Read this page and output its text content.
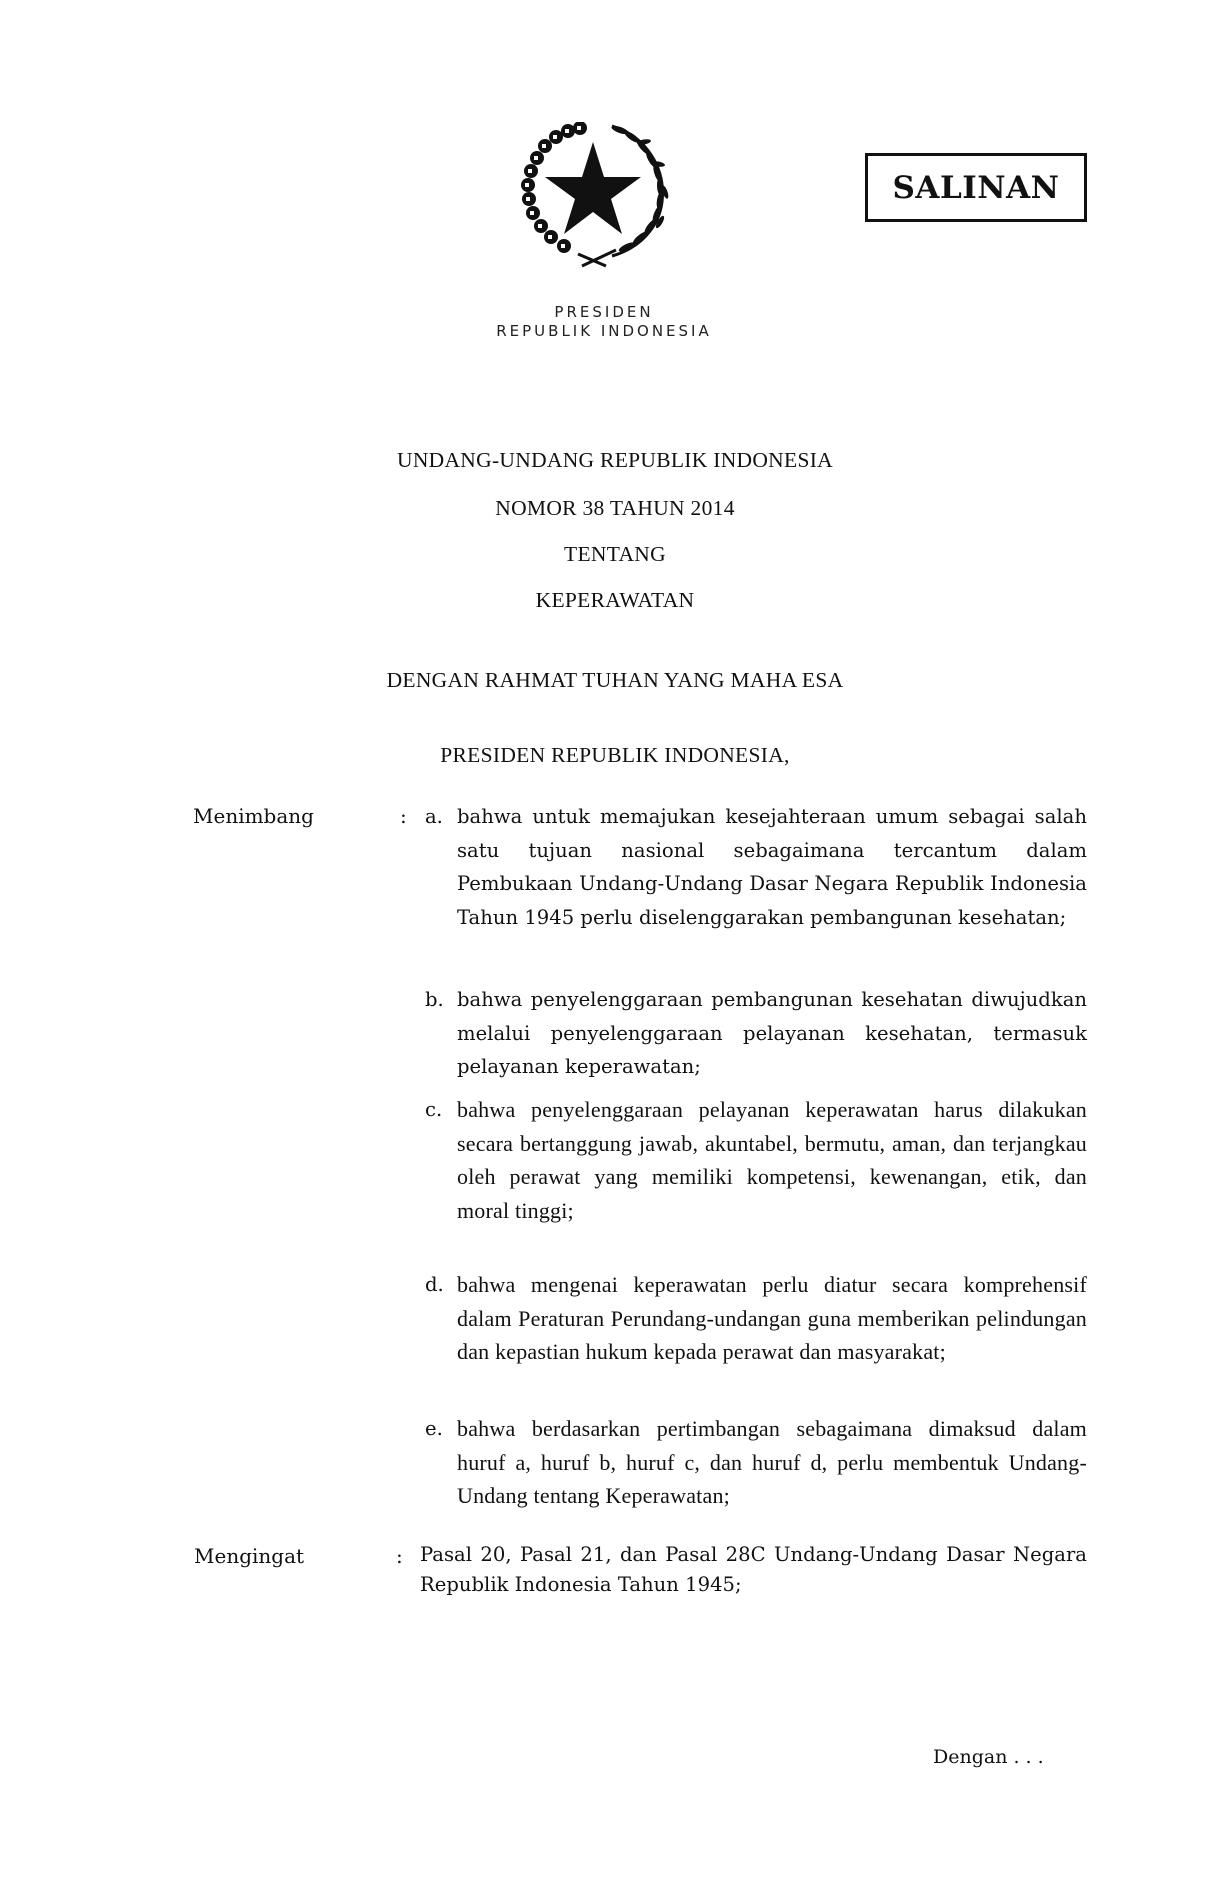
SALINAN
PRESIDEN
REPUBLIK INDONESIA
UNDANG-UNDANG REPUBLIK INDONESIA
NOMOR 38 TAHUN 2014
TENTANG
KEPERAWATAN
DENGAN RAHMAT TUHAN YANG MAHA ESA
PRESIDEN REPUBLIK INDONESIA,
Menimbang	: a. bahwa untuk memajukan kesejahteraan umum sebagai salah satu tujuan nasional sebagaimana tercantum dalam Pembukaan Undang-Undang Dasar Negara Republik Indonesia Tahun 1945 perlu diselenggarakan pembangunan kesehatan;
b. bahwa penyelenggaraan pembangunan kesehatan diwujudkan melalui penyelenggaraan pelayanan kesehatan, termasuk pelayanan keperawatan;
c. bahwa penyelenggaraan pelayanan keperawatan harus dilakukan secara bertanggung jawab, akuntabel, bermutu, aman, dan terjangkau oleh perawat yang memiliki kompetensi, kewenangan, etik, dan moral tinggi;
d. bahwa mengenai keperawatan perlu diatur secara komprehensif dalam Peraturan Perundang-undangan guna memberikan pelindungan dan kepastian hukum kepada perawat dan masyarakat;
e. bahwa berdasarkan pertimbangan sebagaimana dimaksud dalam huruf a, huruf b, huruf c, dan huruf d, perlu membentuk Undang-Undang tentang Keperawatan;
Mengingat	: Pasal 20, Pasal 21, dan Pasal 28C Undang-Undang Dasar Negara Republik Indonesia Tahun 1945;
Dengan . . .
